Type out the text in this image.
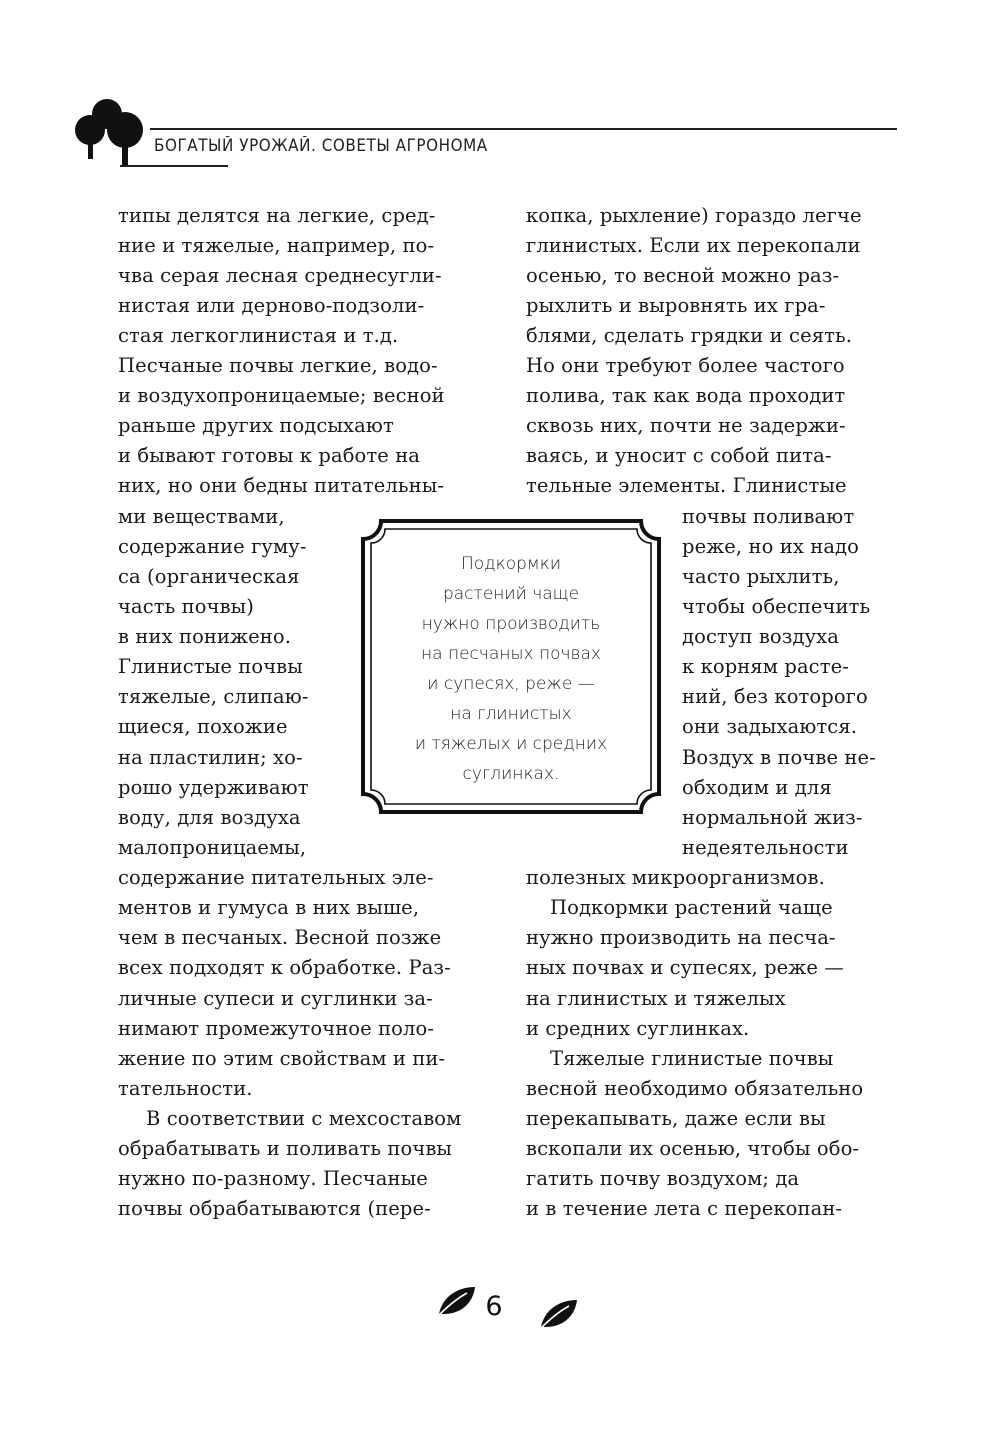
БОГАТЫЙ УРОЖАЙ. СОВЕТЫ АГРОНОМА
типы делятся на легкие, сред-
ние и тяжелые, например, по-
чва серая лесная среднесугли-
нистая или дерново-подзоли-
стая легкоглинистая и т.д.
Песчаные почвы легкие, водо-
и воздухопроницаемые; весной
раньше других подсыхают
и бывают готовы к работе на
них, но они бедны питательны-
ми веществами,
содержание гуму-
са (органическая
часть почвы)
в них понижено.
Глинистые почвы
тяжелые, слипаю-
щиеся, похожие
на пластилин; хо-
рошо удерживают
воду, для воздуха
малопроницаемы,
содержание питательных эле-
ментов и гумуса в них выше,
чем в песчаных. Весной позже
всех подходят к обработке. Раз-
личные супеси и суглинки за-
нимают промежуточное поло-
жение по этим свойствам и пи-
тательности.
В соответствии с мехсоставом
обрабатывать и поливать почвы
нужно по-разному. Песчаные
почвы обрабатываются (пере-
копка, рыхление) гораздо легче
глинистых. Если их перекопали
осенью, то весной можно раз-
рыхлить и выровнять их гра-
блями, сделать грядки и сеять.
Но они требуют более частого
полива, так как вода проходит
сквозь них, почти не задержи-
ваясь, и уносит с собой пита-
тельные элементы. Глинистые
почвы поливают
реже, но их надо
часто рыхлить,
чтобы обеспечить
доступ воздуха
к корням расте-
ний, без которого
они задыхаются.
Воздух в почве не-
обходим и для
нормальной жиз-
недеятельности
полезных микроорганизмов.
Подкормки растений чаще
нужно производить на песча-
ных почвах и супесях, реже —
на глинистых и тяжелых
и средних суглинках.
Тяжелые глинистые почвы
весной необходимо обязательно
перекапывать, даже если вы
вскопали их осенью, чтобы обо-
гатить почву воздухом; да
и в течение лета с перекопан-
Подкормки
растений чаще
нужно производить
на песчаных почвах
и супесях, реже —
на глинистых
и тяжелых и средних
суглинках.
6
